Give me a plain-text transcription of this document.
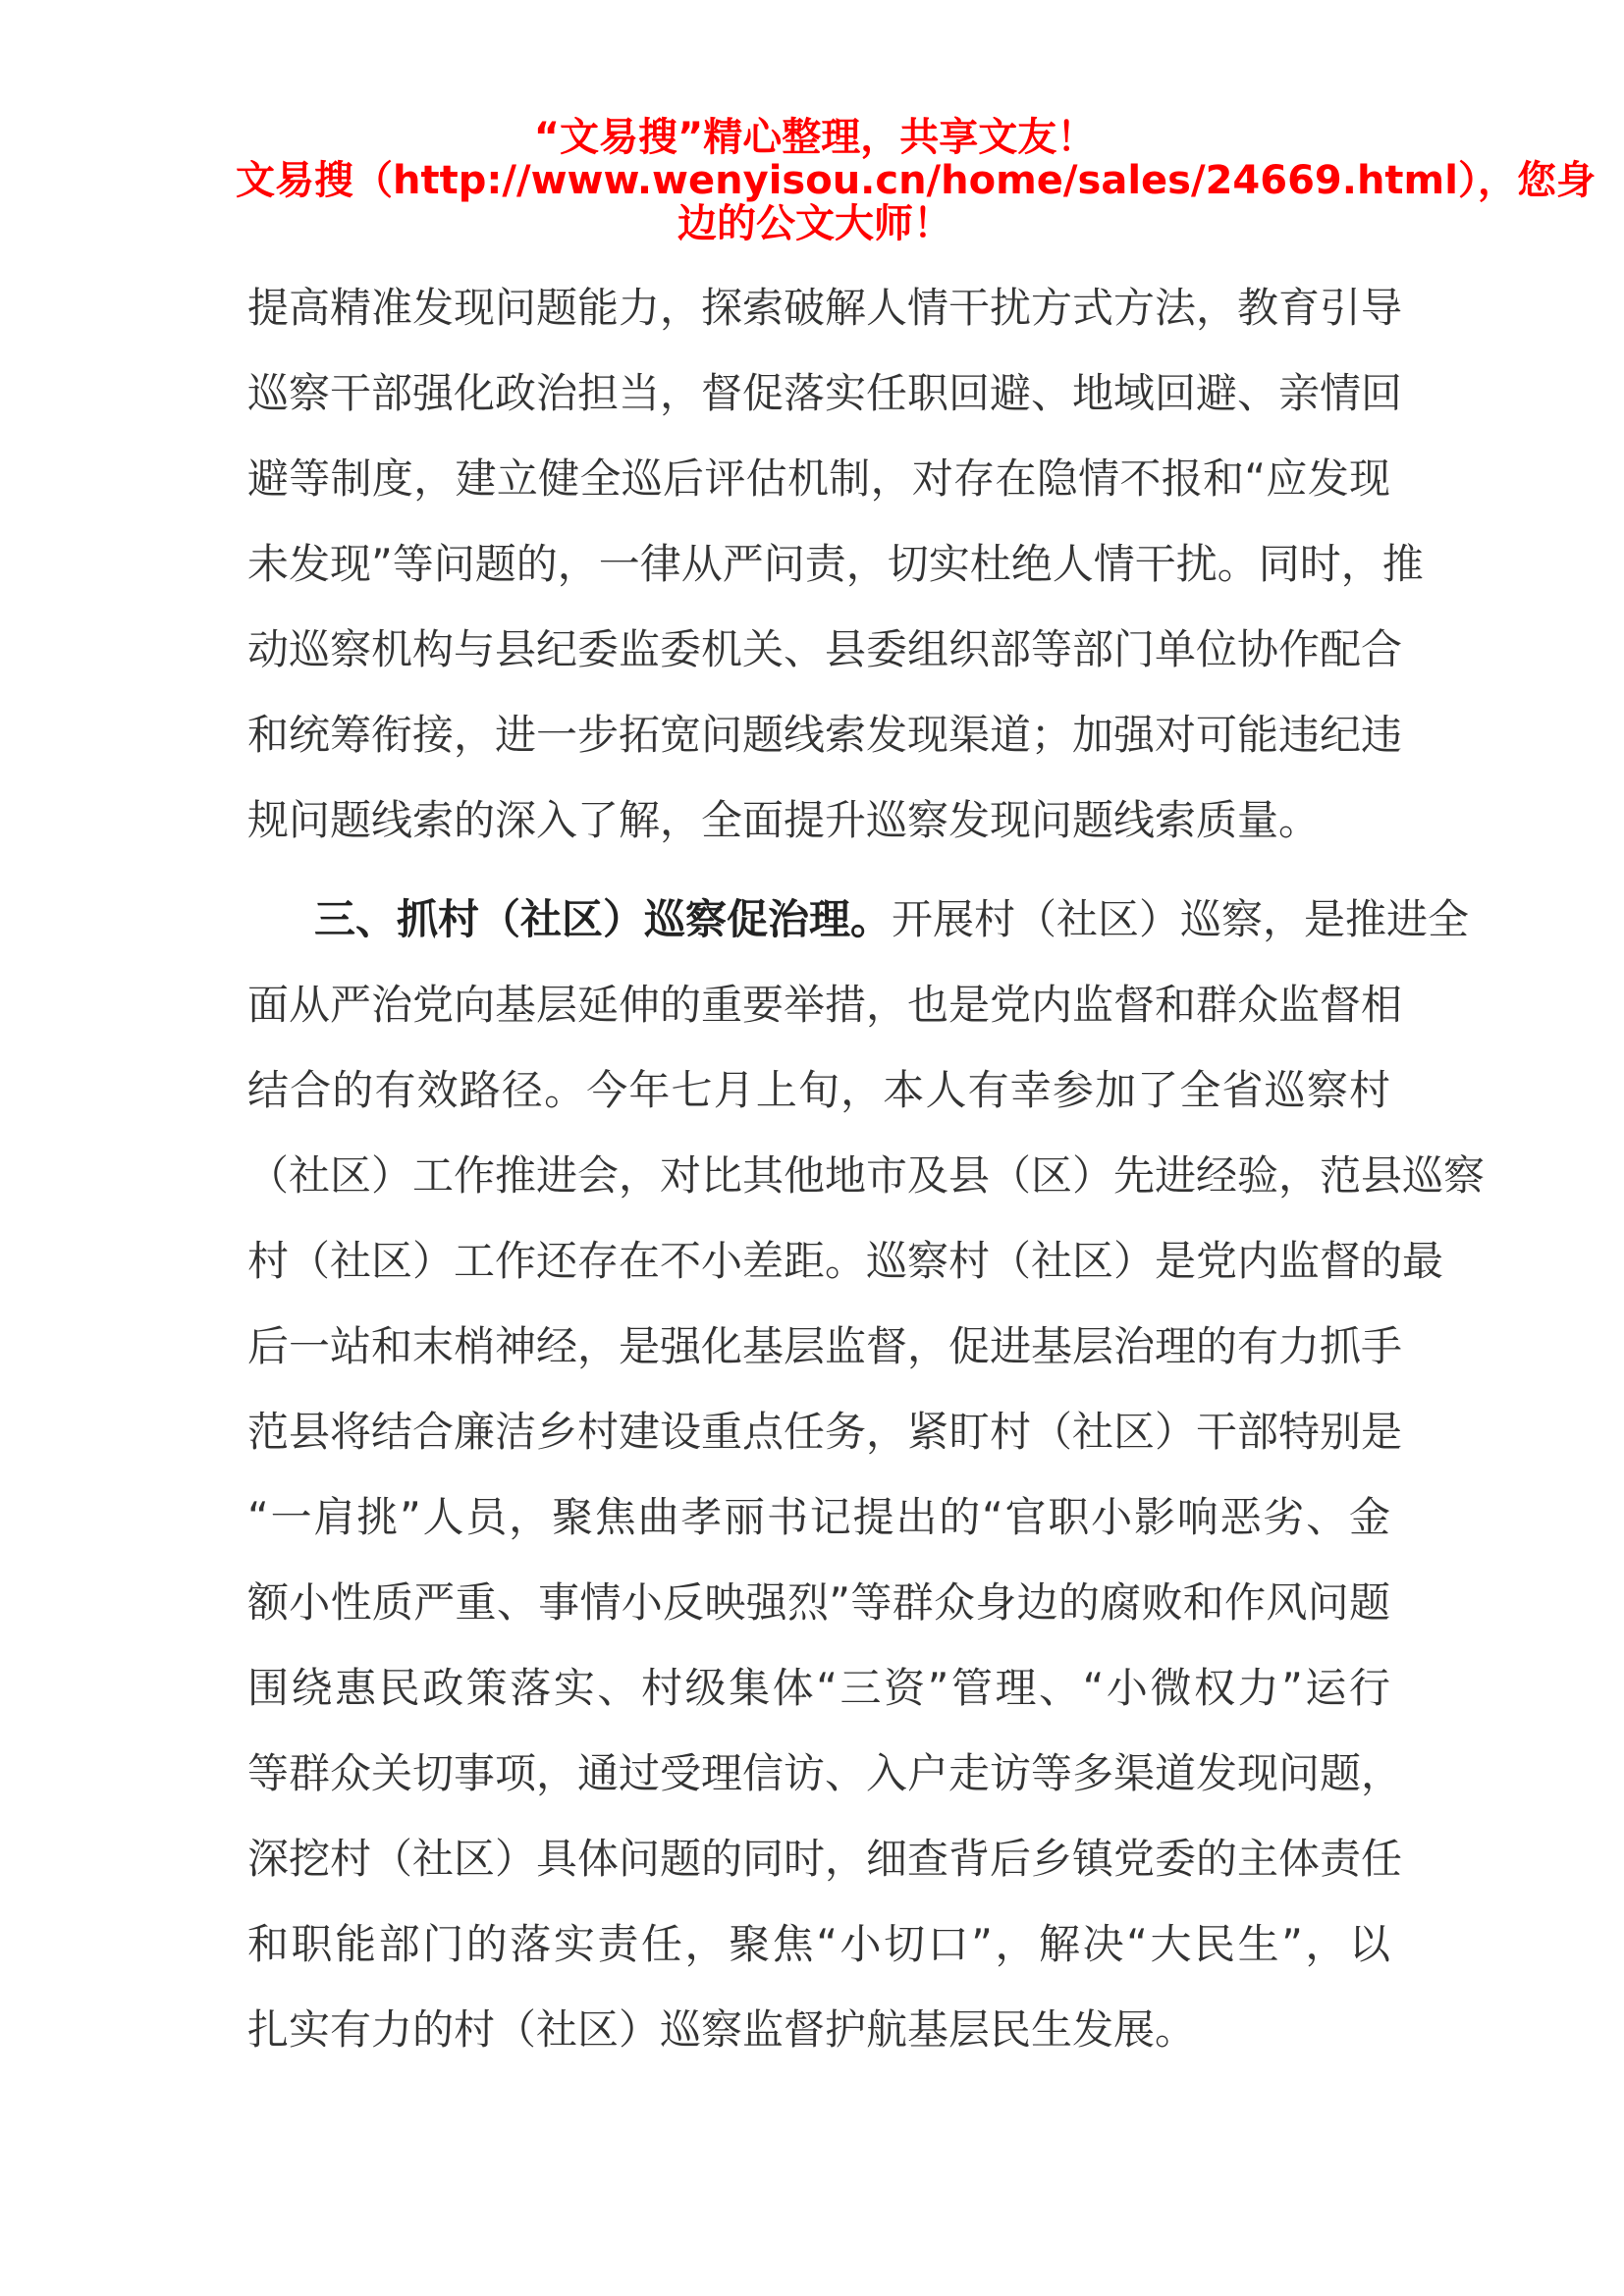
“文易搜”精心整理，共享文友！
文易搜（http://www.wenyisou.cn/home/sales/24669.html），您身
边的公文大师！
提高精准发现问题能力，探索破解人情干扰方式方法，教育引导
巡察干部强化政治担当，督促落实任职回避、地域回避、亲情回
避等制度，建立健全巡后评估机制，对存在隐情不报和“应发现
未发现”等问题的，一律从严问责，切实杜绝人情干扰。同时，推
动巡察机构与县纪委监委机关、县委组织部等部门单位协作配合
和统筹衔接，进一步拓宽问题线索发现渠道；加强对可能违纪违
规问题线索的深入了解，全面提升巡察发现问题线索质量。
三、抓村（社区）巡察促治理。开展村（社区）巡察，是推进全
面从严治党向基层延伸的重要举措，也是党内监督和群众监督相
结合的有效路径。今年七月上旬，本人有幸参加了全省巡察村
（社区）工作推进会，对比其他地市及县（区）先进经验，范县巡察
村（社区）工作还存在不小差距。巡察村（社区）是党内监督的最
后一站和末梢神经，是强化基层监督，促进基层治理的有力抓手
范县将结合廉洁乡村建设重点任务，紧盯村（社区）干部特别是
“一肩挑”人员，聚焦曲孝丽书记提出的“官职小影响恶劣、金
额小性质严重、事情小反映强烈”等群众身边的腐败和作风问题
围绕惠民政策落实、村级集体“三资”管理、“小微权力”运行
等群众关切事项，通过受理信访、入户走访等多渠道发现问题，
深挖村（社区）具体问题的同时，细查背后乡镇党委的主体责任
和职能部门的落实责任，聚焦“小切口”，解决“大民生”，以
扎实有力的村（社区）巡察监督护航基层民生发展。
